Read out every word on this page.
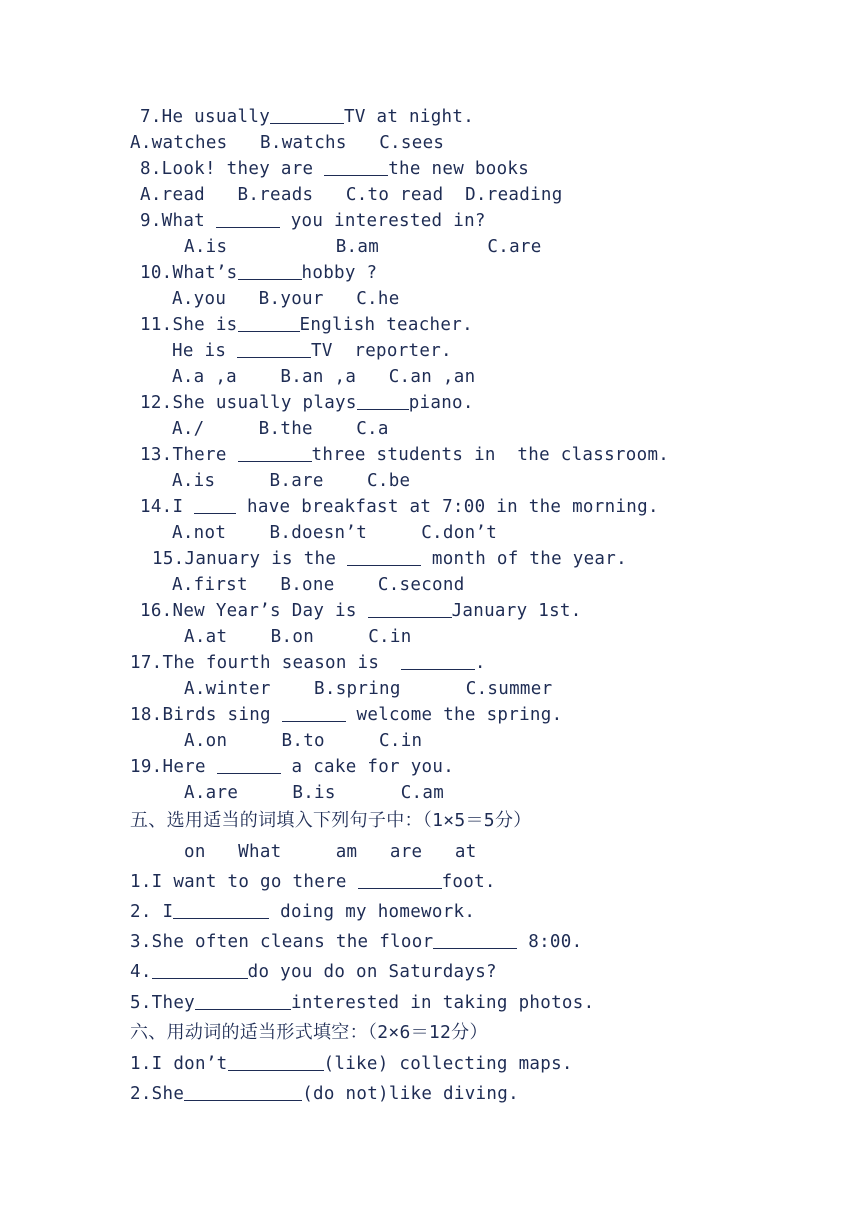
7.He usually	TV at night.
A.watches   B.watchs   C.sees
8.Look! they are	the new books
A.read   B.reads   C.to read  D.reading
9.What	you interested in?
A.is          B.am          C.are
10.What’s	hobby ?
A.you   B.your   C.he
11.She is	English teacher.
He is	TV  reporter.
A.a ,a    B.an ,a   C.an ,an
12.She usually plays	piano.
A./     B.the    C.a
13.There	three students in  the classroom.
A.is     B.are    C.be
14.I  have breakfast at 7:00 in the morning.
A.not    B.doesn’t     C.don’t
15.January is the	month of the year.
A.first   B.one    C.second
16.New Year’s Day is	January 1st.
A.at    B.on     C.in
17.The fourth season is	.
A.winter    B.spring      C.summer
18.Birds sing	welcome the spring.
A.on     B.to     C.in
19.Here	a cake for you.
A.are     B.is      C.am
五、选用适当的词填入下列句子中：（1×5＝5分）
on   What     am   are   at
1.I want to go there	foot.
2. I	doing my homework.
3.She often cleans the floor	8:00.
4.	do you do on Saturdays?
5.They	interested in taking photos.
六、用动词的适当形式填空：（2×6＝12分）
1.I don’t	(like) collecting maps.
2.She	(do not)like diving.
